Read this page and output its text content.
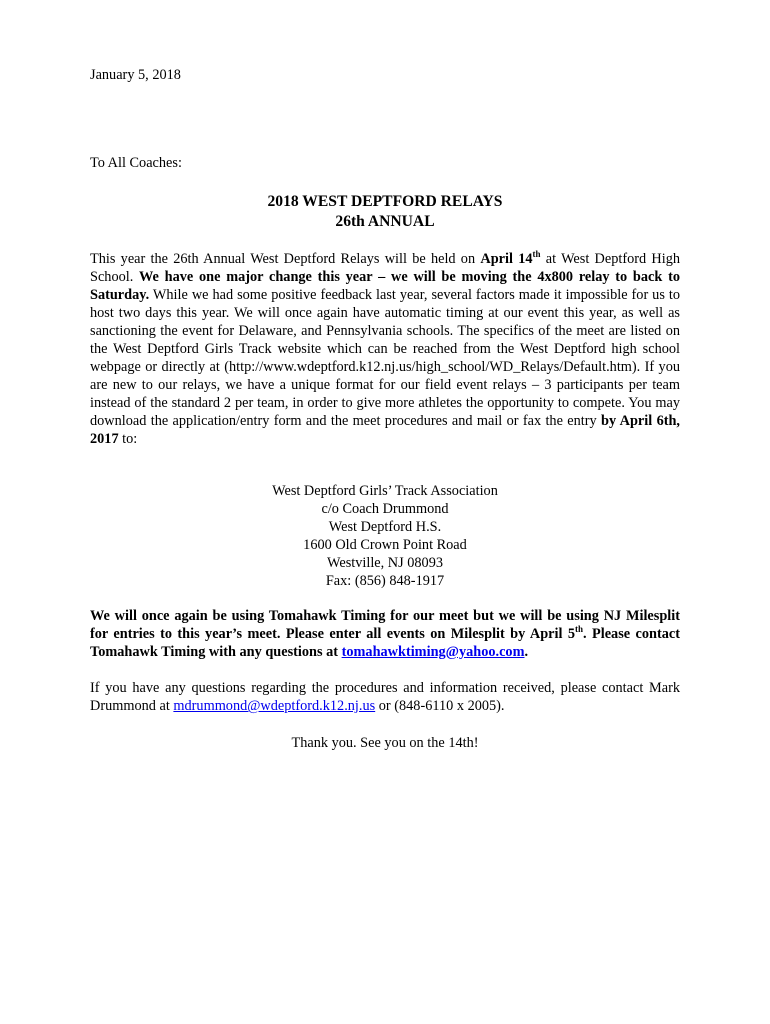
January 5, 2018
To All Coaches:
2018 WEST DEPTFORD RELAYS
26th ANNUAL
This year the 26th Annual West Deptford Relays will be held on April 14th at West Deptford High School. We have one major change this year – we will be moving the 4x800 relay to back to Saturday. While we had some positive feedback last year, several factors made it impossible for us to host two days this year. We will once again have automatic timing at our event this year, as well as sanctioning the event for Delaware, and Pennsylvania schools. The specifics of the meet are listed on the West Deptford Girls Track website which can be reached from the West Deptford high school webpage or directly at (http://www.wdeptford.k12.nj.us/high_school/WD_Relays/Default.htm). If you are new to our relays, we have a unique format for our field event relays – 3 participants per team instead of the standard 2 per team, in order to give more athletes the opportunity to compete. You may download the application/entry form and the meet procedures and mail or fax the entry by April 6th, 2017 to:
West Deptford Girls’ Track Association
c/o Coach Drummond
West Deptford H.S.
1600 Old Crown Point Road
Westville, NJ 08093
Fax: (856) 848-1917
We will once again be using Tomahawk Timing for our meet but we will be using NJ Milesplit for entries to this year’s meet. Please enter all events on Milesplit by April 5th. Please contact Tomahawk Timing with any questions at tomahawktiming@yahoo.com.
If you have any questions regarding the procedures and information received, please contact Mark Drummond at mdrummond@wdeptford.k12.nj.us or (848-6110 x 2005).
Thank you. See you on the 14th!
